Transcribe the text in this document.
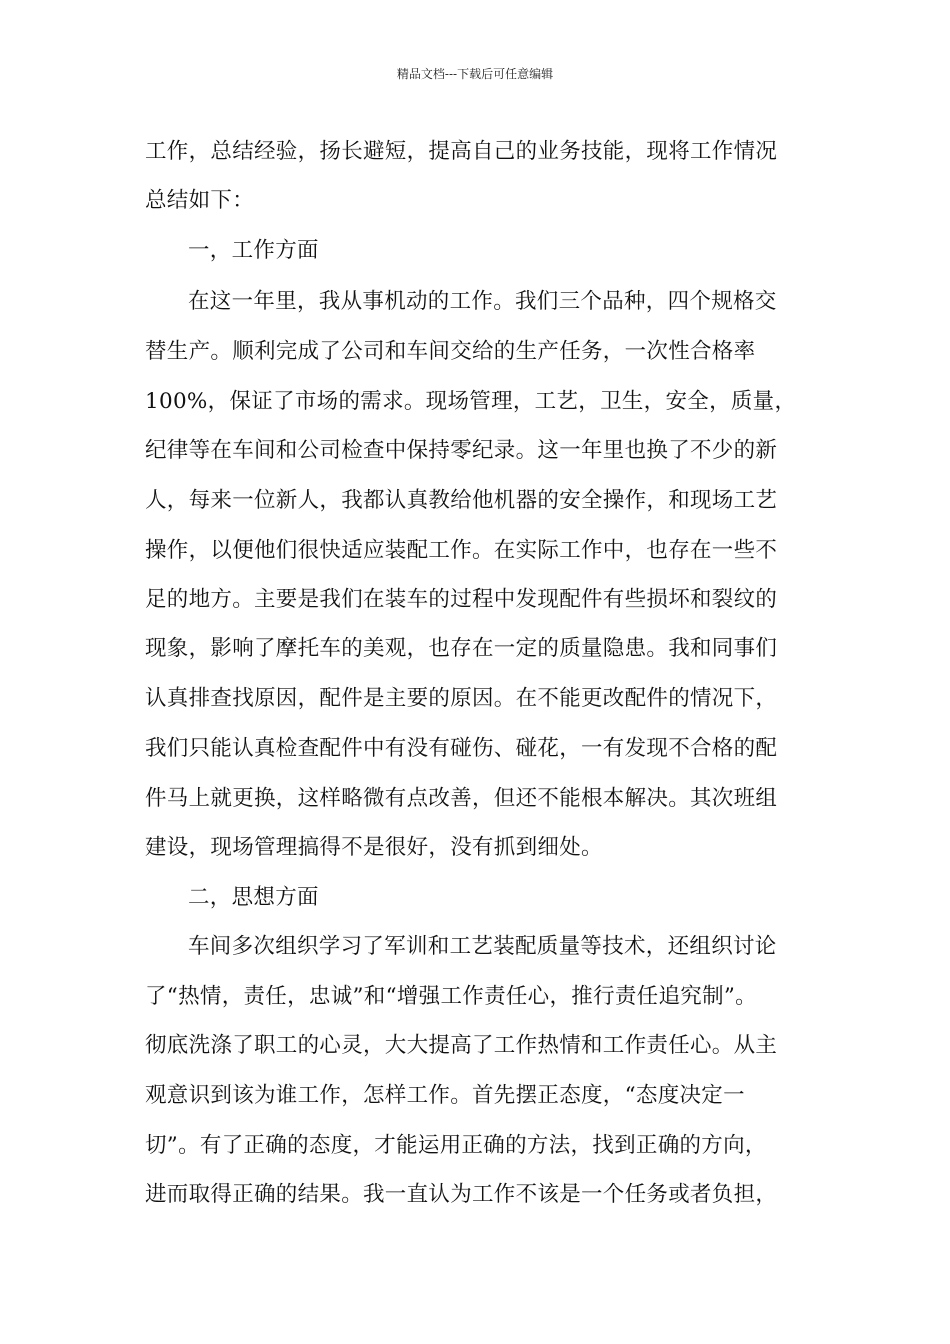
精品文档---下载后可任意编辑
工作，总结经验，扬长避短，提高自己的业务技能，现将工作情况
总结如下：
一，工作方面
在这一年里，我从事机动的工作。我们三个品种，四个规格交
替生产。顺利完成了公司和车间交给的生产任务，一次性合格率
100%，保证了市场的需求。现场管理，工艺，卫生，安全，质量，
纪律等在车间和公司检查中保持零纪录。这一年里也换了不少的新
人，每来一位新人，我都认真教给他机器的安全操作，和现场工艺
操作，以便他们很快适应装配工作。在实际工作中，也存在一些不
足的地方。主要是我们在装车的过程中发现配件有些损坏和裂纹的
现象，影响了摩托车的美观，也存在一定的质量隐患。我和同事们
认真排查找原因，配件是主要的原因。在不能更改配件的情况下，
我们只能认真检查配件中有没有碰伤、碰花，一有发现不合格的配
件马上就更换，这样略微有点改善，但还不能根本解决。其次班组
建设，现场管理搞得不是很好，没有抓到细处。
二，思想方面
车间多次组织学习了军训和工艺装配质量等技术，还组织讨论
了“热情，责任，忠诚”和“增强工作责任心，推行责任追究制”。
彻底洗涤了职工的心灵，大大提高了工作热情和工作责任心。从主
观意识到该为谁工作，怎样工作。首先摆正态度，“态度决定一
切”。有了正确的态度，才能运用正确的方法，找到正确的方向，
进而取得正确的结果。我一直认为工作不该是一个任务或者负担，
